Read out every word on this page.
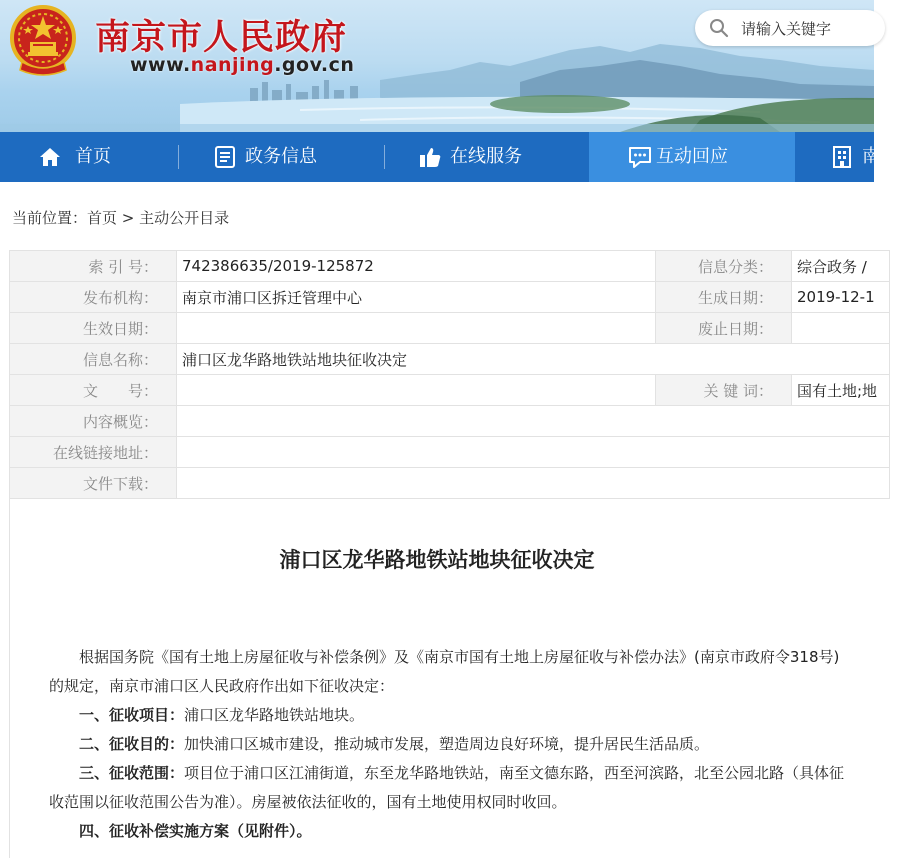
南京市人民政府
www.nanjing.gov.cn
请输入关键字
首页	政务信息	在线服务	互动回应	南
当前位置：首页 > 主动公开目录
索 引 号：	742386635/2019-125872	信息分类：	综合政务 /
发布机构：	南京市浦口区拆迁管理中心	生成日期：	2019-12-1
生效日期：		废止日期：	
信息名称：	浦口区龙华路地铁站地块征收决定		
文　　号：		关 键 词：	国有土地;地
内容概览：			
在线链接地址：			
文件下载：			
浦口区龙华路地铁站地块征收决定

根据国务院《国有土地上房屋征收与补偿条例》及《南京市国有土地上房屋征收与补偿办法》(南京市政府令318号)的规定，南京市浦口区人民政府作出如下征收决定：

一、征收项目：浦口区龙华路地铁站地块。

二、征收目的：加快浦口区城市建设，推动城市发展，塑造周边良好环境，提升居民生活品质。

三、征收范围：项目位于浦口区江浦街道，东至龙华路地铁站，南至文德东路，西至河滨路，北至公园北路（具体征收范围以征收范围公告为准）。房屋被依法征收的，国有土地使用权同时收回。

四、征收补偿实施方案（见附件）。
